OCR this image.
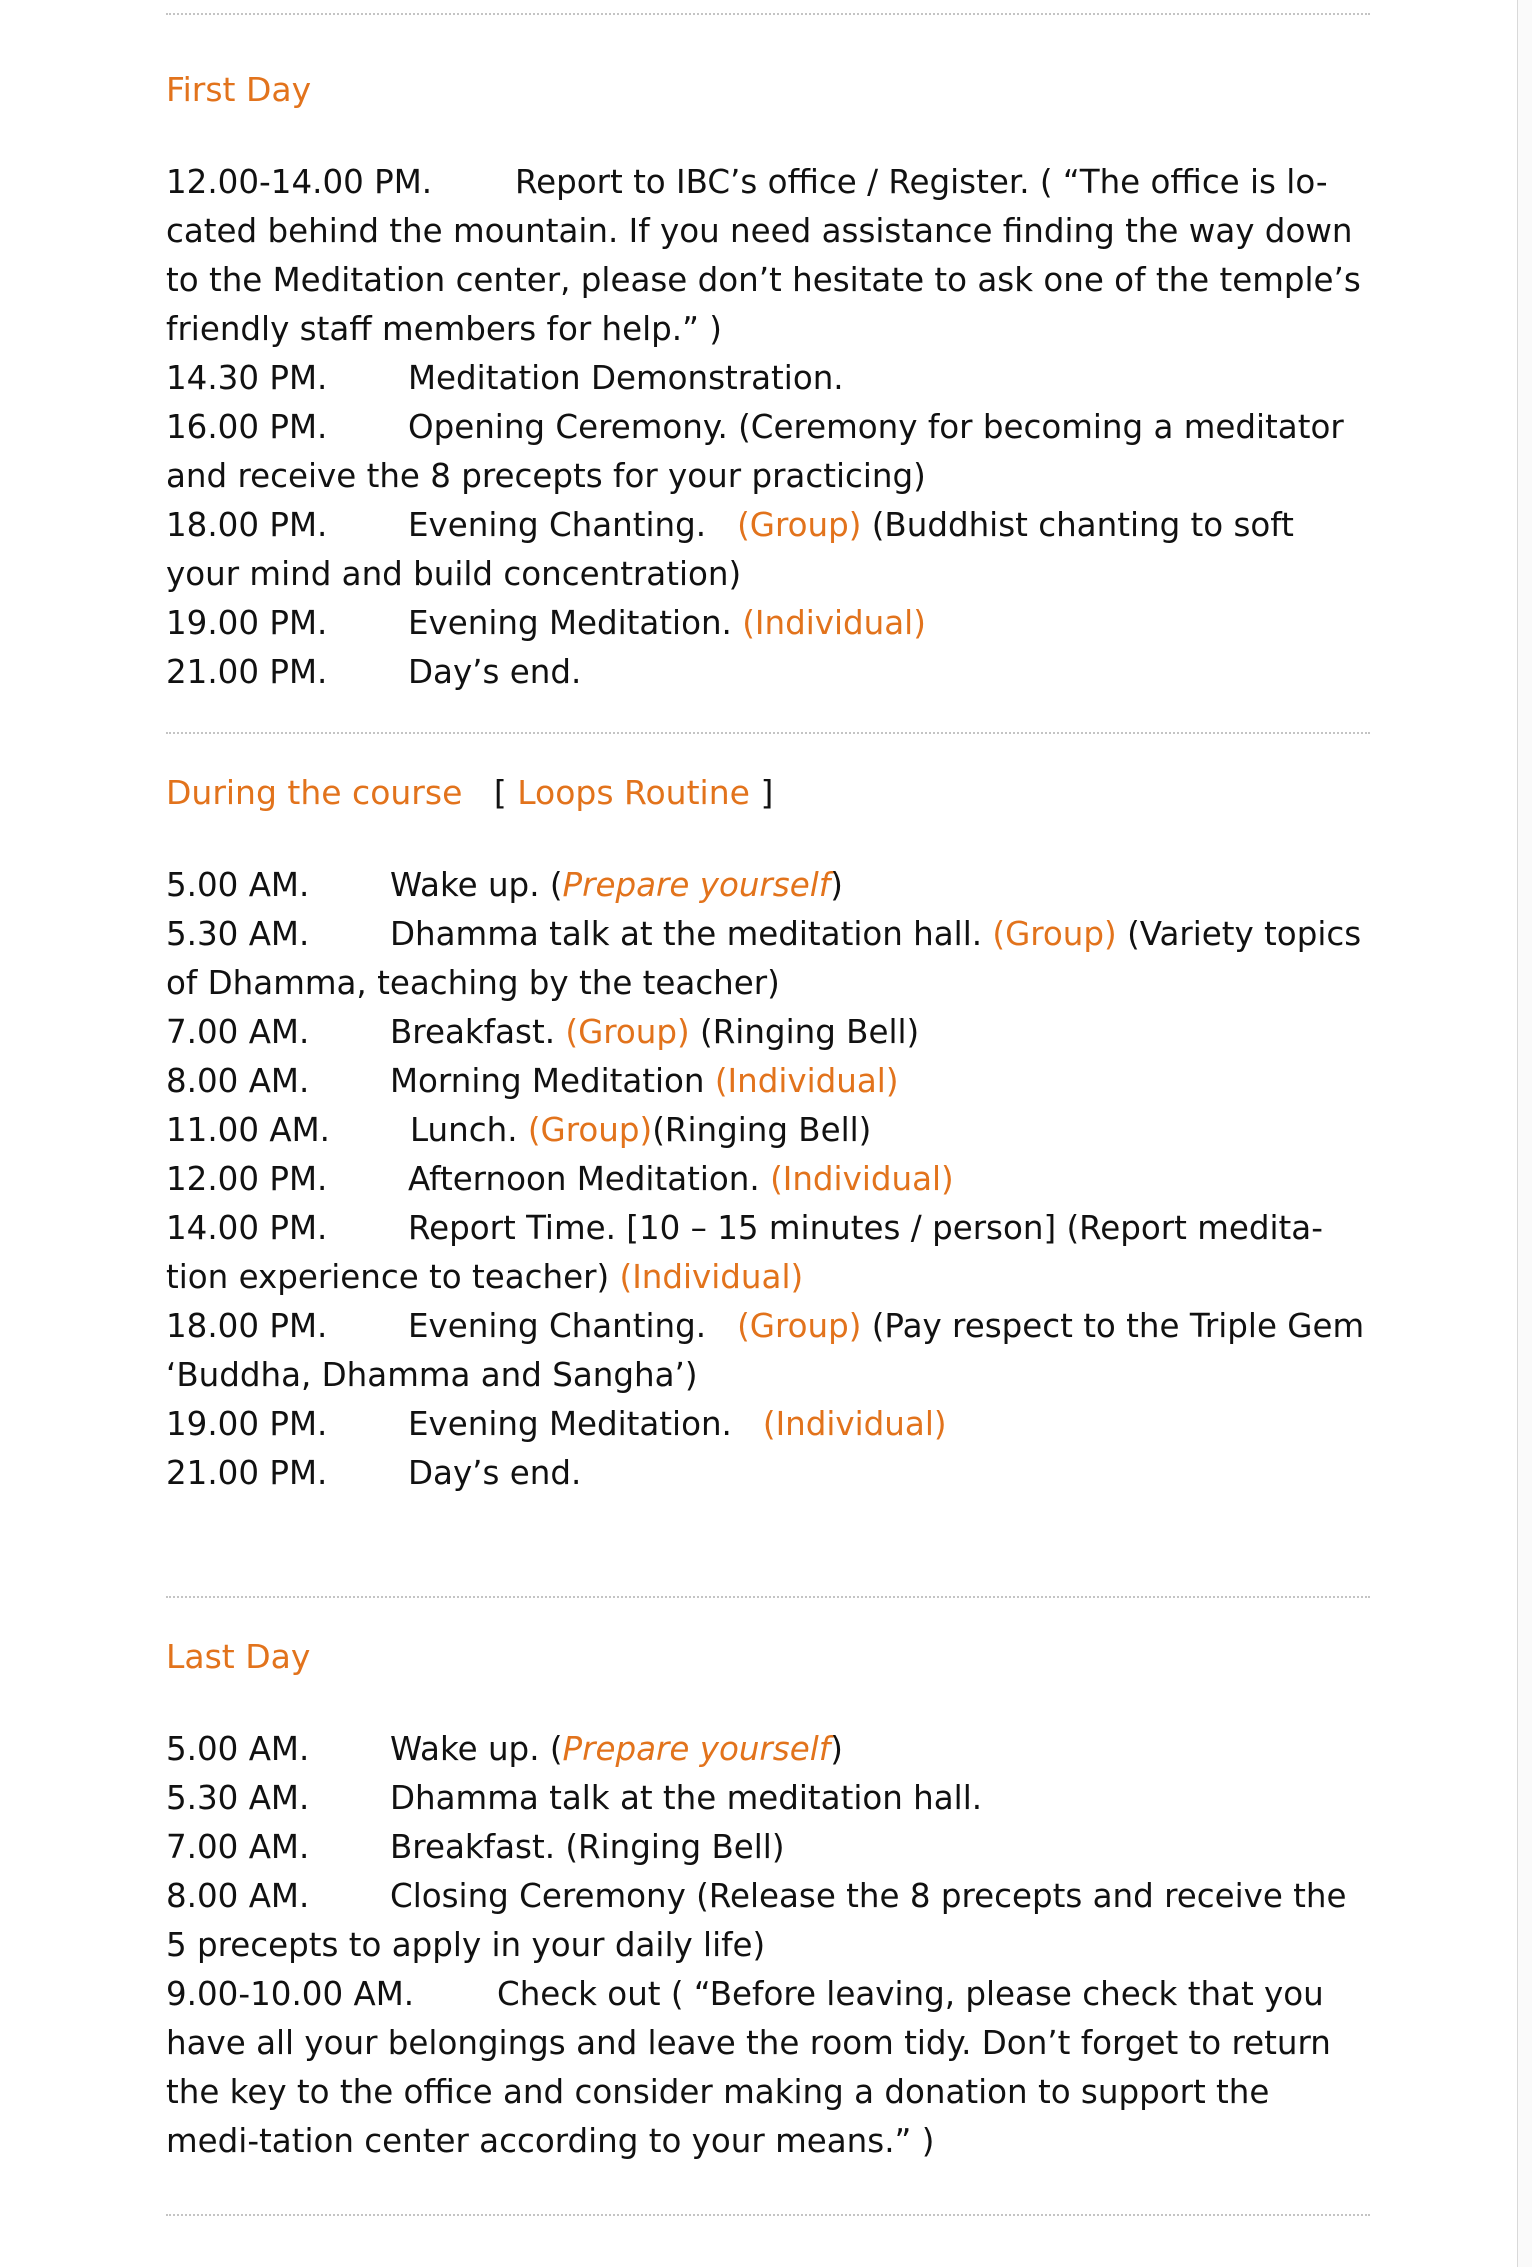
First Day

12.00-14.00 PM.	Report to IBC’s office / Register. ( “The office is lo-cated behind the mountain. If you need assistance finding the way down to the Meditation center, please don’t hesitate to ask one of the temple’s friendly staff members for help.” )

14.30 PM. Meditation Demonstration.

16.00 PM. Opening Ceremony. (Ceremony for becoming a meditator and receive the 8 precepts for your practicing)

18.00 PM. Evening Chanting. (Group) (Buddhist chanting to soft your mind and build concentration)

19.00 PM. Evening Meditation. (Individual)

21.00 PM. Day’s end.

During the course [ Loops Routine ]

5.00 AM. Wake up. (Prepare yourself)

5.30 AM. Dhamma talk at the meditation hall. (Group) (Variety topics of Dhamma, teaching by the teacher)

7.00 AM. Breakfast. (Group) (Ringing Bell)

8.00 AM. Morning Meditation (Individual)

11.00 AM. Lunch. (Group)(Ringing Bell)

12.00 PM. Afternoon Meditation. (Individual)

14.00 PM. Report Time. [10 – 15 minutes / person] (Report medita-tion experience to teacher) (Individual)

18.00 PM. Evening Chanting. (Group) (Pay respect to the Triple Gem ‘Buddha, Dhamma and Sangha’)

19.00 PM. Evening Meditation. (Individual)

21.00 PM. Day’s end.

Last Day

5.00 AM. Wake up. (Prepare yourself)

5.30 AM. Dhamma talk at the meditation hall.

7.00 AM. Breakfast. (Ringing Bell)

8.00 AM. Closing Ceremony (Release the 8 precepts and receive the 5 precepts to apply in your daily life)

9.00-10.00 AM.	Check out ( “Before leaving, please check that you have all your belongings and leave the room tidy. Don’t forget to return the key to the office and consider making a donation to support the medi-tation center according to your means.” )
